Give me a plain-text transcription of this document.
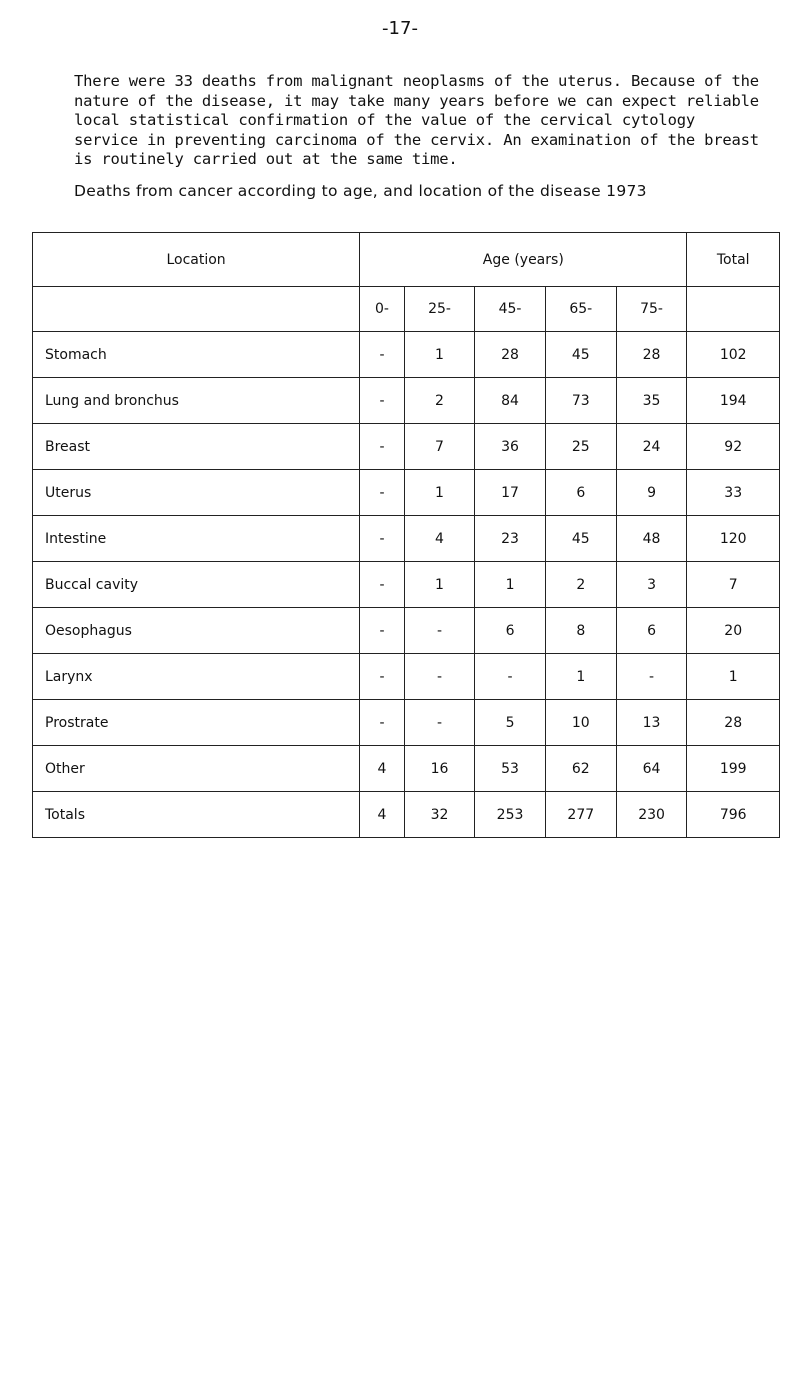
-17-
There were 33 deaths from malignant neoplasms of the uterus. Because of the nature of the disease, it may take many years before we can expect reliable local statistical confirmation of the value of the cervical cytology service in preventing carcinoma of the cervix. An examination of the breast is routinely carried out at the same time.
Deaths from cancer according to age, and location of the disease 1973
Location	Age (years)					Total
	0-	25-	45-	65-	75-	
Stomach	-	1	28	45	28	102
Lung and bronchus	-	2	84	73	35	194
Breast	-	7	36	25	24	92
Uterus	-	1	17	6	9	33
Intestine	-	4	23	45	48	120
Buccal cavity	-	1	1	2	3	7
Oesophagus	-	-	6	8	6	20
Larynx	-	-	-	1	-	1
Prostrate	-	-	5	10	13	28
Other	4	16	53	62	64	199
Totals	4	32	253	277	230	796
